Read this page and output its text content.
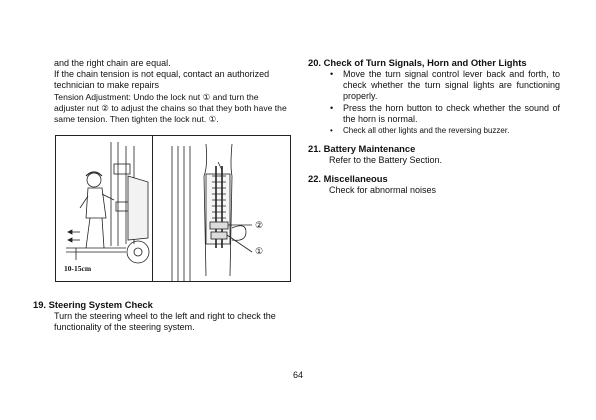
and the right chain are equal.

If the chain tension is not equal, contact an authorized technician to make repairs

Tension Adjustment: Undo the lock nut ① and turn the adjuster nut ② to adjust the chains so that they both have the same tension. Then tighten the lock nut. ①.

10-15cm
②
①

19. Steering System Check

Turn the steering wheel to the left and right to check the functionality of the steering system.

20. Check of Turn Signals, Horn and Other Lights

• Move the turn signal control lever back and forth, to check whether the turn signal lights are functioning properly.
• Press the horn button to check whether the sound of the horn is normal.
• Check all other lights and the reversing buzzer.

21. Battery Maintenance

Refer to the Battery Section.

22. Miscellaneous

Check for abnormal noises

64
